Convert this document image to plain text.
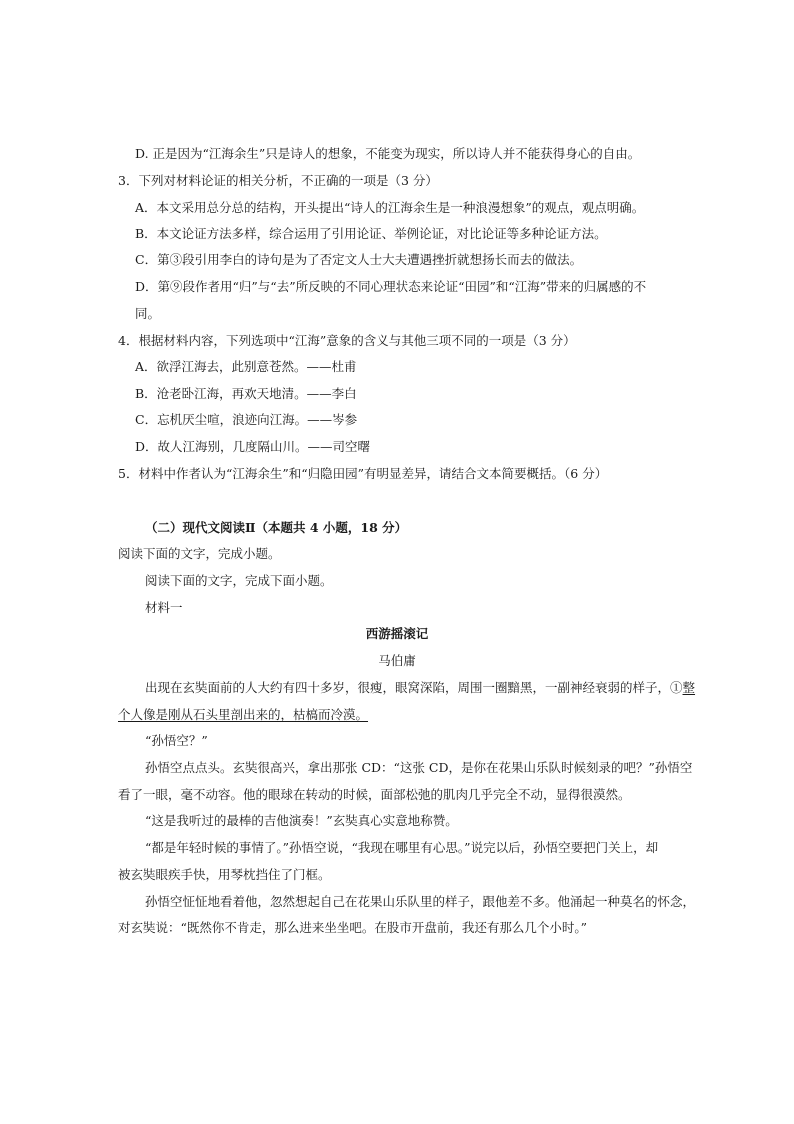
D. 正是因为“江海余生”只是诗人的想象，不能变为现实，所以诗人并不能获得身心的自由。
3．下列对材料论证的相关分析，不正确的一项是（3 分）
A．本文采用总分总的结构，开头提出“诗人的江海余生是一种浪漫想象”的观点，观点明确。
B．本文论证方法多样，综合运用了引用论证、举例论证，对比论证等多种论证方法。
C．第③段引用李白的诗句是为了否定文人士大夫遭遇挫折就想扬长而去的做法。
D．第⑨段作者用“归”与“去”所反映的不同心理状态来论证“田园”和“江海”带来的归属感的不
同。
4．根据材料内容，下列选项中“江海”意象的含义与其他三项不同的一项是（3 分）
A．欲浮江海去，此别意苍然。——杜甫
B．沧老卧江海，再欢天地清。——李白
C．忘机厌尘喧，浪迹向江海。——岑参
D．故人江海别，几度隔山川。——司空曙
5．材料中作者认为“江海余生”和“归隐田园”有明显差异，请结合文本简要概括。（6 分）
（二）现代文阅读Ⅱ（本题共 4 小题，18 分）
阅读下面的文字，完成小题。
阅读下面的文字，完成下面小题。
材料一
西游摇滚记
马伯庸
出现在玄奘面前的人大约有四十多岁，很瘦，眼窝深陷，周围一圈黯黑，一副神经衰弱的样子，①整
个人像是刚从石头里剖出来的，枯槁而冷漠。
“孙悟空？”
孙悟空点点头。玄奘很高兴，拿出那张 CD：“这张 CD，是你在花果山乐队时候刻录的吧？”孙悟空
看了一眼，毫不动容。他的眼球在转动的时候，面部松弛的肌肉几乎完全不动，显得很漠然。
“这是我听过的最棒的吉他演奏！”玄奘真心实意地称赞。
“都是年轻时候的事情了。”孙悟空说，“我现在哪里有心思。”说完以后，孙悟空要把门关上，却
被玄奘眼疾手快，用琴枕挡住了门框。
孙悟空怔怔地看着他，忽然想起自己在花果山乐队里的样子，跟他差不多。他涌起一种莫名的怀念，
对玄奘说：“既然你不肯走，那么进来坐坐吧。在股市开盘前，我还有那么几个小时。”
